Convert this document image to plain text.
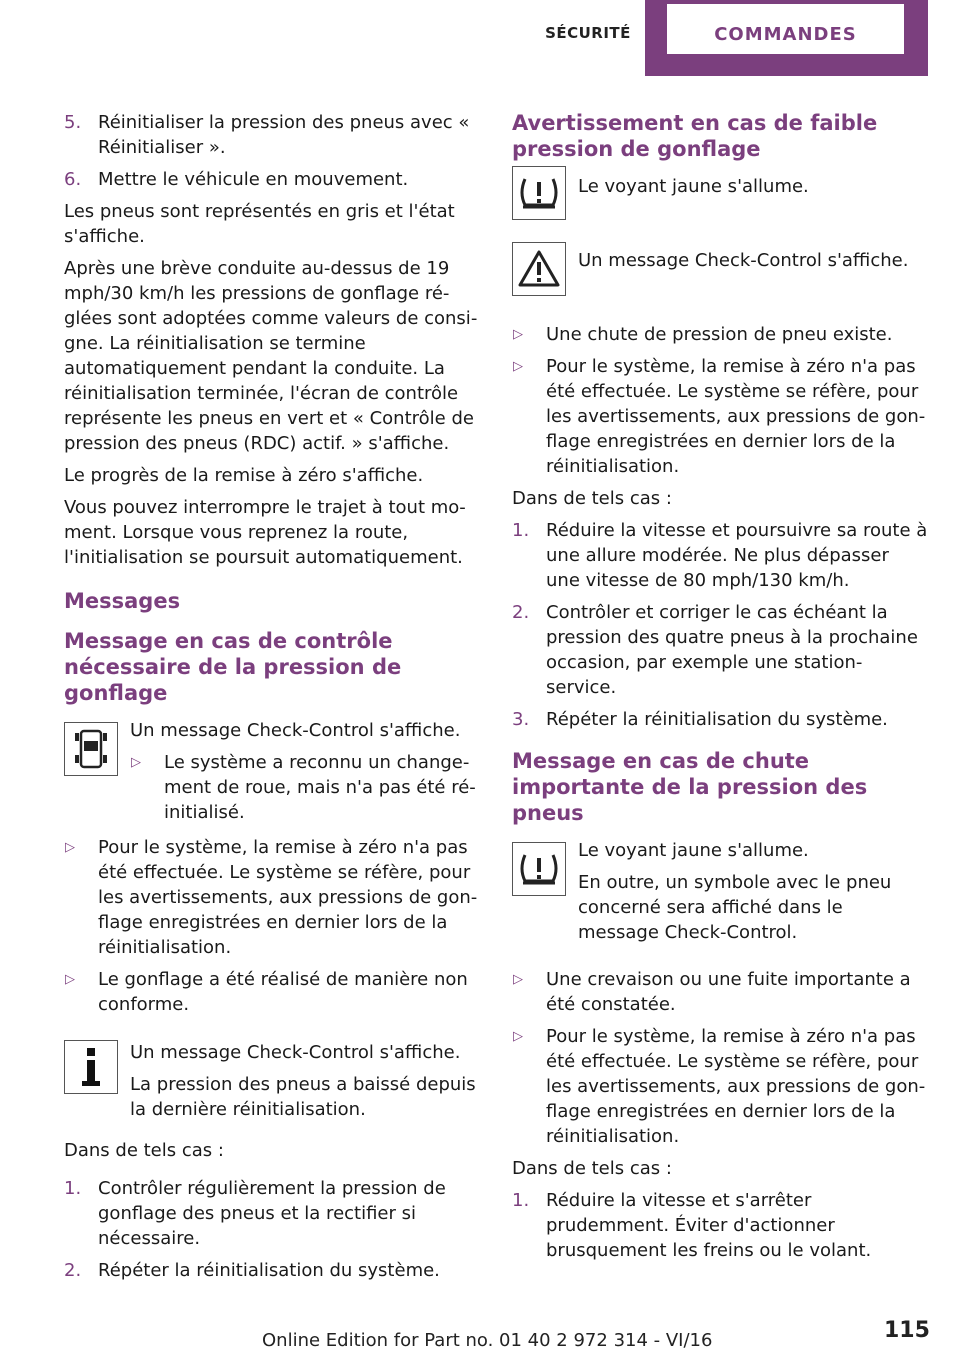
SÉCURITÉ	COMMANDES
5. Réinitialiser la pression des pneus avec « Réinitialiser ».
6. Mettre le véhicule en mouvement.

Les pneus sont représentés en gris et l'état s'affiche.

Après une brève conduite au-dessus de 19 mph/30 km/h les pressions de gonflage réglées sont adoptées comme valeurs de consigne. La réinitialisation se termine automatiquement pendant la conduite. La réinitialisation terminée, l'écran de contrôle représente les pneus en vert et « Contrôle de pression des pneus (RDC) actif. » s'affiche.

Le progrès de la remise à zéro s'affiche.

Vous pouvez interrompre le trajet à tout moment. Lorsque vous reprenez la route, l'initialisation se poursuit automatiquement.

Messages
Message en cas de contrôle nécessaire de la pression de gonflage

Un message Check-Control s'affiche.

▷ Le système a reconnu un changement de roue, mais n'a pas été réinitialisé.
▷ Pour le système, la remise à zéro n'a pas été effectuée. Le système se réfère, pour les avertissements, aux pressions de gonflage enregistrées en dernier lors de la réinitialisation.
▷ Le gonflage a été réalisé de manière non conforme.

Un message Check-Control s'affiche.

La pression des pneus a baissé depuis la dernière réinitialisation.

Dans de tels cas :

1. Contrôler régulièrement la pression de gonflage des pneus et la rectifier si nécessaire.
2. Répéter la réinitialisation du système.
Avertissement en cas de faible pression de gonflage

Le voyant jaune s'allume.

Un message Check-Control s'affiche.

▷ Une chute de pression de pneu existe.
▷ Pour le système, la remise à zéro n'a pas été effectuée. Le système se réfère, pour les avertissements, aux pressions de gonflage enregistrées en dernier lors de la réinitialisation.

Dans de tels cas :

1. Réduire la vitesse et poursuivre sa route à une allure modérée. Ne plus dépasser une vitesse de 80 mph/130 km/h.
2. Contrôler et corriger le cas échéant la pression des quatre pneus à la prochaine occasion, par exemple une station-service.
3. Répéter la réinitialisation du système.
Message en cas de chute importante de la pression des pneus

Le voyant jaune s'allume.

En outre, un symbole avec le pneu concerné sera affiché dans le message Check-Control.

▷ Une crevaison ou une fuite importante a été constatée.
▷ Pour le système, la remise à zéro n'a pas été effectuée. Le système se réfère, pour les avertissements, aux pressions de gonflage enregistrées en dernier lors de la réinitialisation.

Dans de tels cas :

1. Réduire la vitesse et s'arrêter prudemment. Éviter d'actionner brusquement les freins ou le volant.
Online Edition for Part no. 01 40 2 972 314 - VI/16	115
